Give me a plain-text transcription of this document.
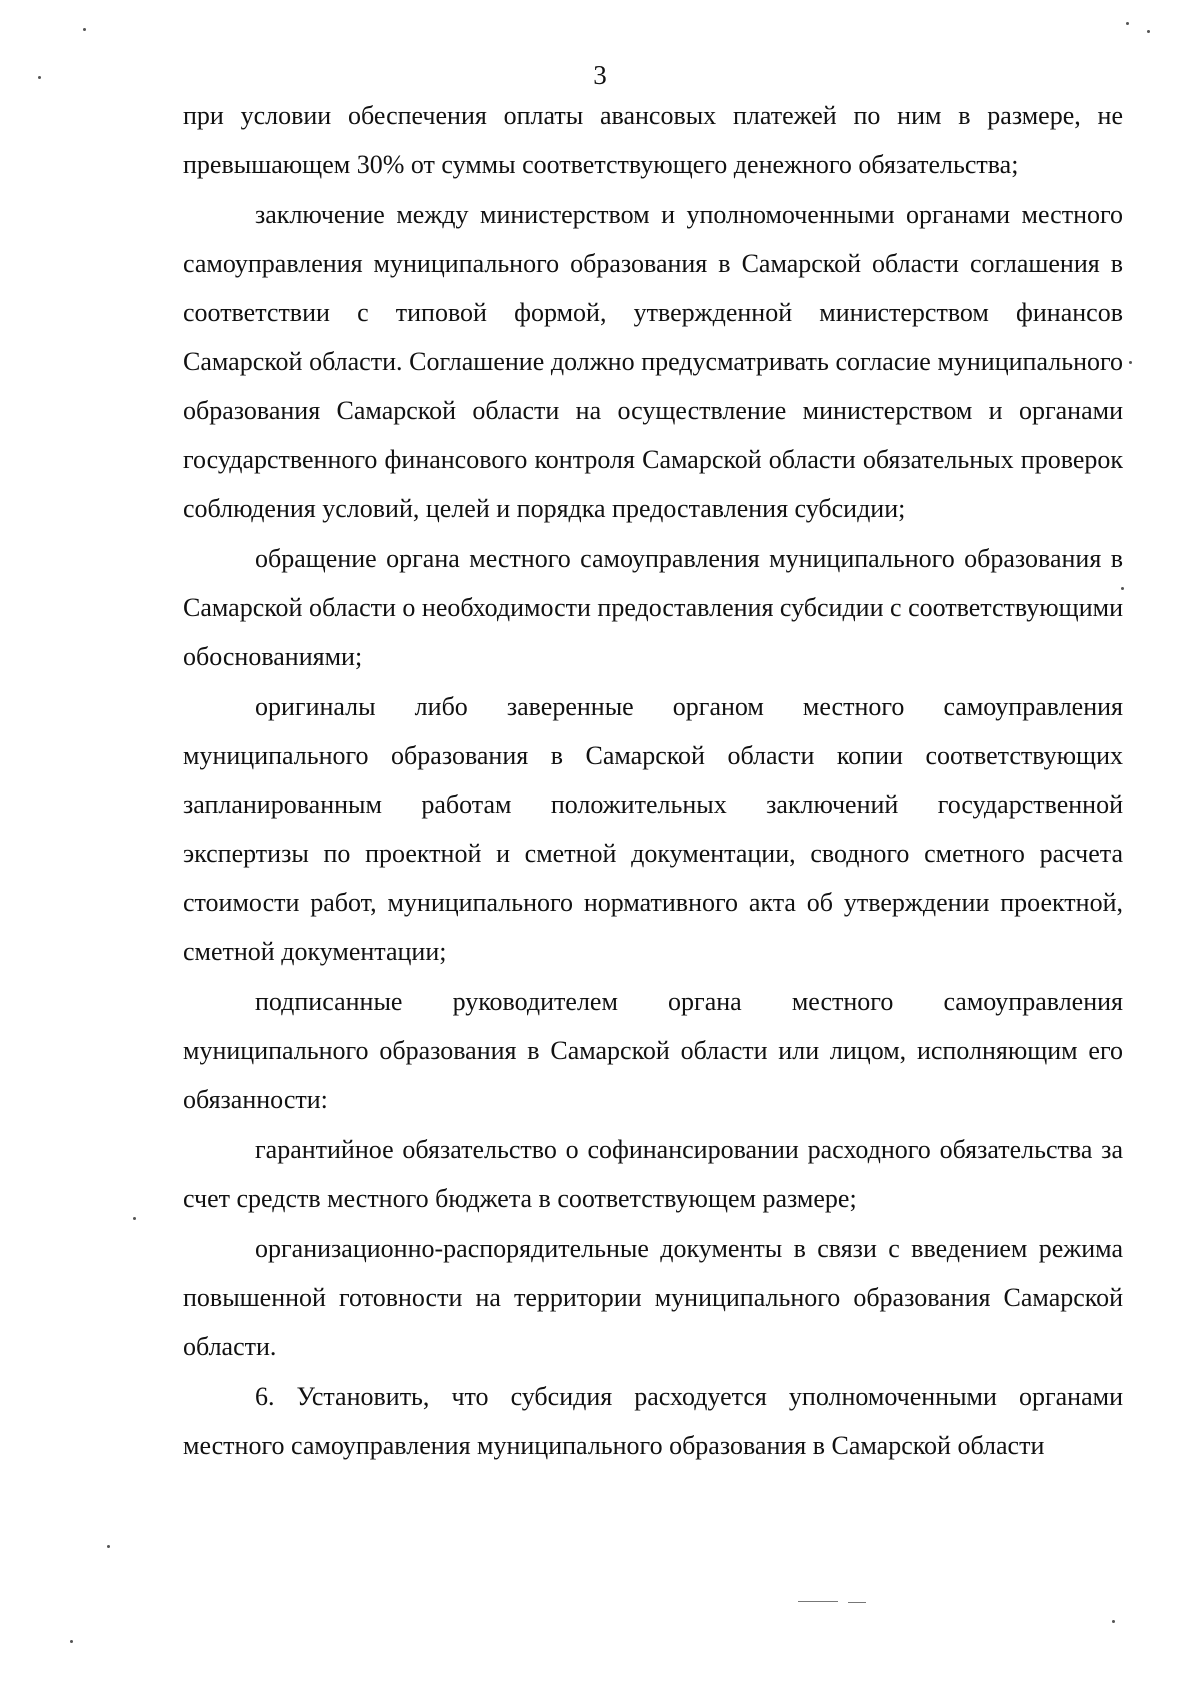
3

при условии обеспечения оплаты авансовых платежей по ним в размере, не превышающем 30% от суммы соответствующего денежного обязательства;

заключение между министерством и уполномоченными органами местного самоуправления муниципального образования в Самарской области соглашения в соответствии с типовой формой, утвержденной министерством финансов Самарской области. Соглашение должно предусматривать согласие муниципального образования Самарской области на осуществление министерством и органами государственного финансового контроля Самарской области обязательных проверок соблюдения условий, целей и порядка предоставления субсидии;

обращение органа местного самоуправления муниципального образования в Самарской области о необходимости предоставления субсидии с соответствующими обоснованиями;

оригиналы либо заверенные органом местного самоуправления муниципального образования в Самарской области копии соответствующих запланированным работам положительных заключений государственной экспертизы по проектной и сметной документации, сводного сметного расчета стоимости работ, муниципального нормативного акта об утверждении проектной, сметной документации;

подписанные руководителем органа местного самоуправления муниципального образования в Самарской области или лицом, исполняющим его обязанности:

гарантийное обязательство о софинансировании расходного обязательства за счет средств местного бюджета в соответствующем размере;

организационно-распорядительные документы в связи с введением режима повышенной готовности на территории муниципального образования Самарской области.

6. Установить, что субсидия расходуется уполномоченными органами местного самоуправления муниципального образования в Самарской области
